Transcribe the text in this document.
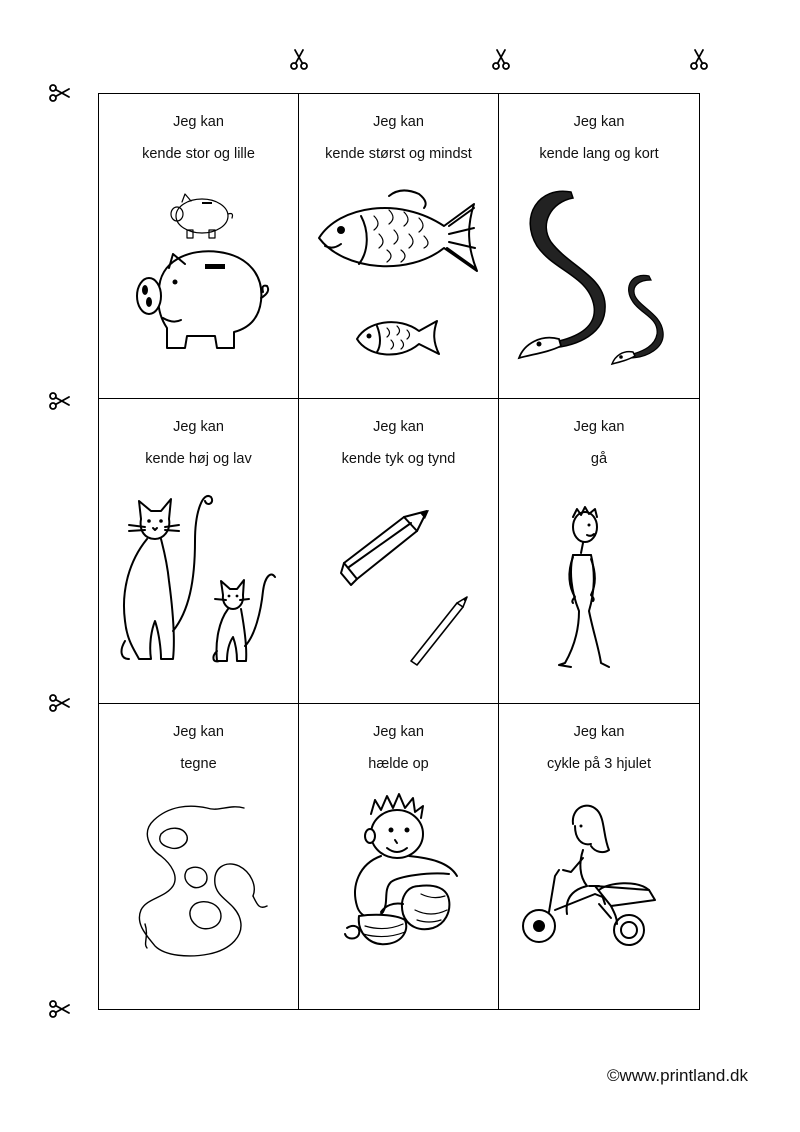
Jeg kan
kende stor og lille
Jeg kan
kende størst og mindst
Jeg kan
kende lang og kort
Jeg kan
kende høj og lav
Jeg kan
kende tyk og tynd
Jeg kan
gå
Jeg kan
tegne
Jeg kan
hælde op
Jeg kan
cykle på 3 hjulet
©www.printland.dk
